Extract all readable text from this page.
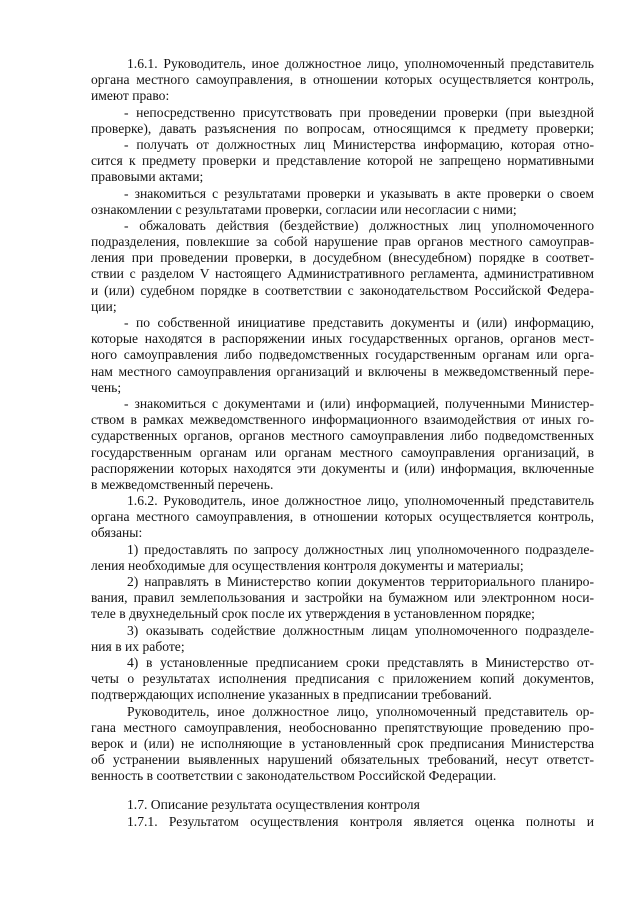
1.6.1. Руководитель, иное должностное лицо, уполномоченный представитель
органа местного самоуправления, в отношении которых осуществляется контроль,
имеют право:
- непосредственно присутствовать при проведении проверки (при выездной
проверке), давать разъяснения по вопросам, относящимся к предмету проверки;
- получать от должностных лиц Министерства информацию, которая отно-
сится к предмету проверки и представление которой не запрещено нормативными
правовыми актами;
- знакомиться с результатами проверки и указывать в акте проверки о своем
ознакомлении с результатами проверки, согласии или несогласии с ними;
- обжаловать действия (бездействие) должностных лиц уполномоченного
подразделения, повлекшие за собой нарушение прав органов местного самоуправ-
ления при проведении проверки, в досудебном (внесудебном) порядке в соответ-
ствии с разделом V настоящего Административного регламента, административном
и (или) судебном порядке в соответствии с законодательством Российской Федера-
ции;
- по собственной инициативе представить документы и (или) информацию,
которые находятся в распоряжении иных государственных органов, органов мест-
ного самоуправления либо подведомственных государственным органам или орга-
нам местного самоуправления организаций и включены в межведомственный пере-
чень;
- знакомиться с документами и (или) информацией, полученными Министер-
ством в рамках межведомственного информационного взаимодействия от иных го-
сударственных органов, органов местного самоуправления либо подведомственных
государственным органам или органам местного самоуправления организаций, в
распоряжении которых находятся эти документы и (или) информация, включенные
в межведомственный перечень.
1.6.2. Руководитель, иное должностное лицо, уполномоченный представитель
органа местного самоуправления, в отношении которых осуществляется контроль,
обязаны:
1) предоставлять по запросу должностных лиц уполномоченного подразделе-
ления необходимые для осуществления контроля документы и материалы;
2) направлять в Министерство копии документов территориального планиро-
вания, правил землепользования и застройки на бумажном или электронном носи-
теле в двухнедельный срок после их утверждения в установленном порядке;
3) оказывать содействие должностным лицам уполномоченного подразделе-
ния в их работе;
4) в установленные предписанием сроки представлять в Министерство от-
четы о результатах исполнения предписания с приложением копий документов,
подтверждающих исполнение указанных в предписании требований.
Руководитель, иное должностное лицо, уполномоченный представитель ор-
гана местного самоуправления, необоснованно препятствующие проведению про-
верок и (или) не исполняющие в установленный срок предписания Министерства
об устранении выявленных нарушений обязательных требований, несут ответст-
венность в соответствии с законодательством Российской Федерации.
1.7. Описание результата осуществления контроля
1.7.1. Результатом осуществления контроля является оценка полноты и
